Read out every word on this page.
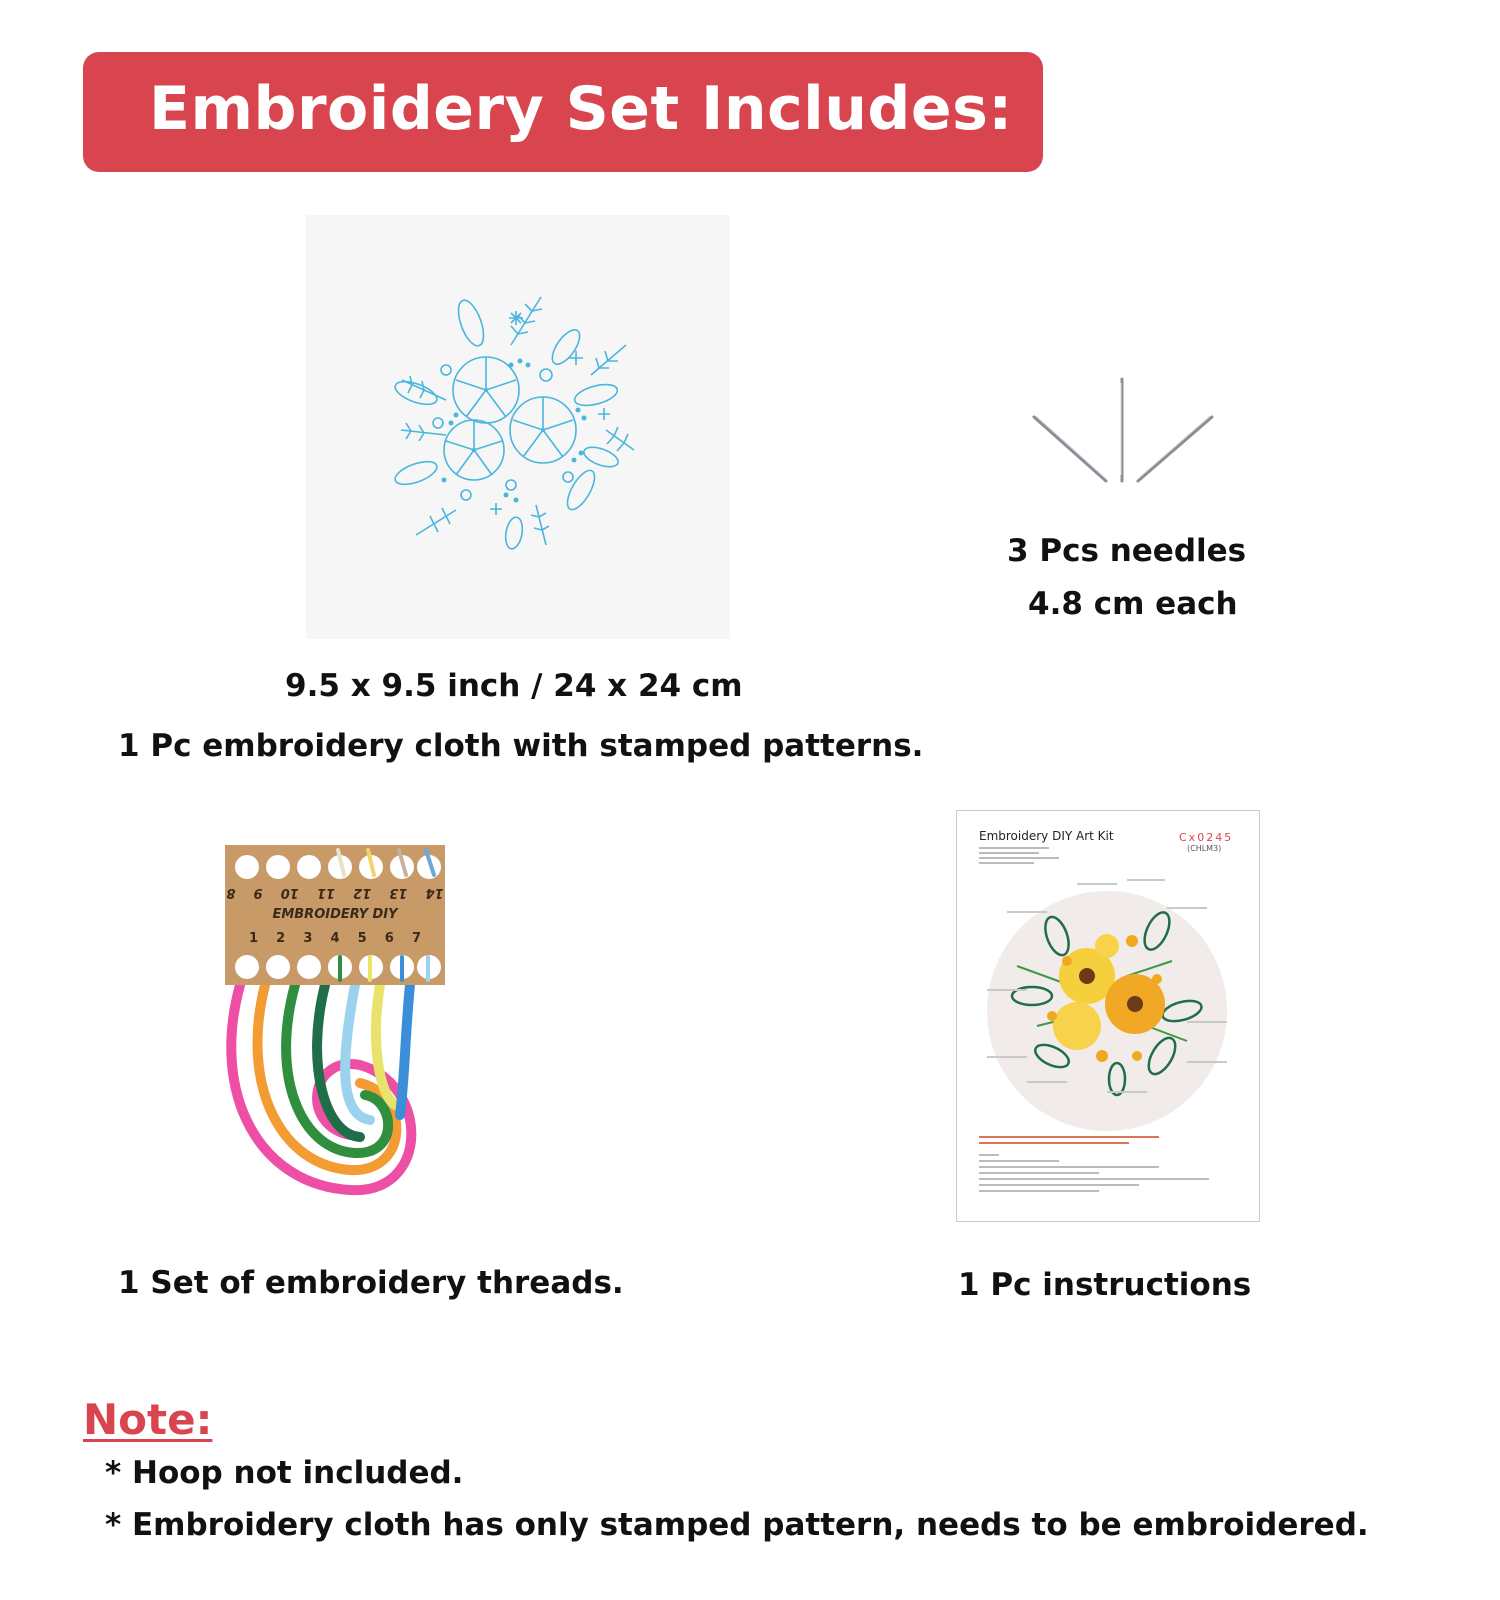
Embroidery Set Includes:
9.5 x 9.5 inch / 24 x 24 cm
1 Pc embroidery cloth with stamped patterns.
3 Pcs needles
4.8 cm each
14    13    12    11    10    9    8
EMBROIDERY DIY
1 2 3 4 5 6 7
1 Set of embroidery threads.
Embroidery DIY Art Kit	Cx0245
(CHLM3)
1 Pc instructions
Note:
* Hoop not included.
* Embroidery cloth has only stamped pattern, needs to be embroidered.
